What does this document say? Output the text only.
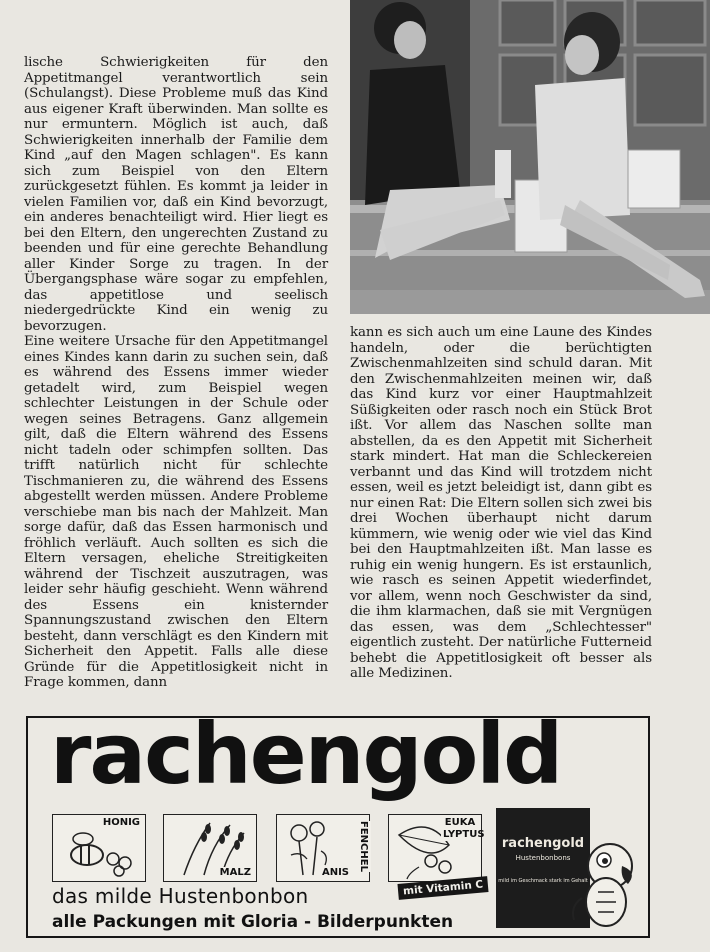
lische Schwierigkeiten für den Appetitmangel verantwortlich sein (Schulangst). Diese Probleme muß das Kind aus eigener Kraft überwinden. Man sollte es nur ermuntern. Möglich ist auch, daß Schwierigkeiten innerhalb der Familie dem Kind „auf den Magen schlagen". Es kann sich zum Beispiel von den Eltern zurückgesetzt fühlen. Es kommt ja leider in vielen Familien vor, daß ein Kind bevorzugt, ein anderes benachteiligt wird. Hier liegt es bei den Eltern, den ungerechten Zustand zu beenden und für eine gerechte Behandlung aller Kinder Sorge zu tragen. In der Übergangsphase wäre sogar zu empfehlen, das appetitlose und seelisch niedergedrückte Kind ein wenig zu bevorzugen.

Eine weitere Ursache für den Appetitmangel eines Kindes kann darin zu suchen sein, daß es während des Essens immer wieder getadelt wird, zum Beispiel wegen schlechter Leistungen in der Schule oder wegen seines Betragens. Ganz allgemein gilt, daß die Eltern während des Essens nicht tadeln oder schimpfen sollten. Das trifft natürlich nicht für schlechte Tischmanieren zu, die während des Essens abgestellt werden müssen. Andere Probleme verschiebe man bis nach der Mahlzeit. Man sorge dafür, daß das Essen harmonisch und fröhlich verläuft. Auch sollten es sich die Eltern versagen, eheliche Streitigkeiten während der Tischzeit auszutragen, was leider sehr häufig geschieht. Wenn während des Essens ein knisternder Spannungszustand zwischen den Eltern besteht, dann verschlägt es den Kindern mit Sicherheit den Appetit. Falls alle diese Gründe für die Appetitlosigkeit nicht in Frage kommen, dann

kann es sich auch um eine Laune des Kindes handeln, oder die berüchtigten Zwischenmahlzeiten sind schuld daran. Mit den Zwischenmahlzeiten meinen wir, daß das Kind kurz vor einer Hauptmahlzeit Süßigkeiten oder rasch noch ein Stück Brot ißt. Vor allem das Naschen sollte man abstellen, da es den Appetit mit Sicherheit stark mindert. Hat man die Schleckereien verbannt und das Kind will trotzdem nicht essen, weil es jetzt beleidigt ist, dann gibt es nur einen Rat: Die Eltern sollen sich zwei bis drei Wochen überhaupt nicht darum kümmern, wie wenig oder wie viel das Kind bei den Hauptmahlzeiten ißt. Man lasse es ruhig ein wenig hungern. Es ist erstaunlich, wie rasch es seinen Appetit wiederfindet, vor allem, wenn noch Geschwister da sind, die ihm klarmachen, daß sie mit Vergnügen das essen, was dem „Schlechtesser" eigentlich zusteht. Der natürliche Futterneid behebt die Appetitlosigkeit oft besser als alle Medizinen.

rachengold
HONIG
MALZ	ANIS
FENCHEL	EUKA LYPTUS
das milde Hustenbonbon	mit Vitamin C
alle Packungen mit Gloria - Bilderpunkten
rachengold
Hustenbonbons
mild im Geschmack stark im Gehalt
